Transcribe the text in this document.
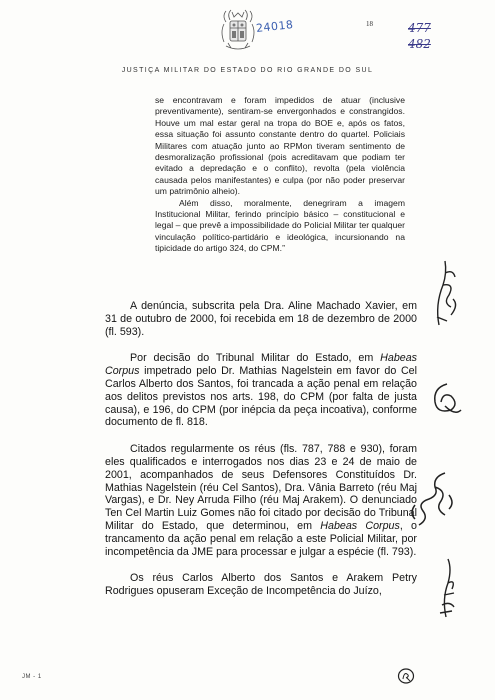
24018	18	477
482
JUSTIÇA MILITAR DO ESTADO DO RIO GRANDE DO SUL

se encontravam e foram impedidos de atuar (inclusive preventivamente), sentiram-se envergonhados e constrangidos. Houve um mal estar geral na tropa do BOE e, após os fatos, essa situação foi assunto constante dentro do quartel. Policiais Militares com atuação junto ao RPMon tiveram sentimento de desmoralização profissional (pois acreditavam que podiam ter evitado a depredação e o conflito), revolta (pela violência causada pelos manifestantes) e culpa (por não poder preservar um patrimônio alheio).

Além disso, moralmente, denegriram a imagem Institucional Militar, ferindo princípio básico – constitucional e legal – que prevê a impossibilidade do Policial Militar ter qualquer vinculação político-partidário e ideológica, incursionando na tipicidade do artigo 324, do CPM.”

A denúncia, subscrita pela Dra. Aline Machado Xavier, em 31 de outubro de 2000, foi recebida em 18 de dezembro de 2000 (fl. 593).

Por decisão do Tribunal Militar do Estado, em Habeas Corpus impetrado pelo Dr. Mathias Nagelstein em favor do Cel Carlos Alberto dos Santos, foi trancada a ação penal em relação aos delitos previstos nos arts. 198, do CPM (por falta de justa causa), e 196, do CPM (por inépcia da peça incoativa), conforme documento de fl. 818.

Citados regularmente os réus (fls. 787, 788 e 930), foram eles qualificados e interrogados nos dias 23 e 24 de maio de 2001, acompanhados de seus Defensores Constituídos Dr. Mathias Nagelstein (réu Cel Santos), Dra. Vânia Barreto (réu Maj Vargas), e Dr. Ney Arruda Filho (réu Maj Arakem). O denunciado Ten Cel Martin Luiz Gomes não foi citado por decisão do Tribunal Militar do Estado, que determinou, em Habeas Corpus, o trancamento da ação penal em relação a este Policial Militar, por incompetência da JME para processar e julgar a espécie (fl. 793).

Os réus Carlos Alberto dos Santos e Arakem Petry Rodrigues opuseram Exceção de Incompetência do Juízo,

JM - 1
